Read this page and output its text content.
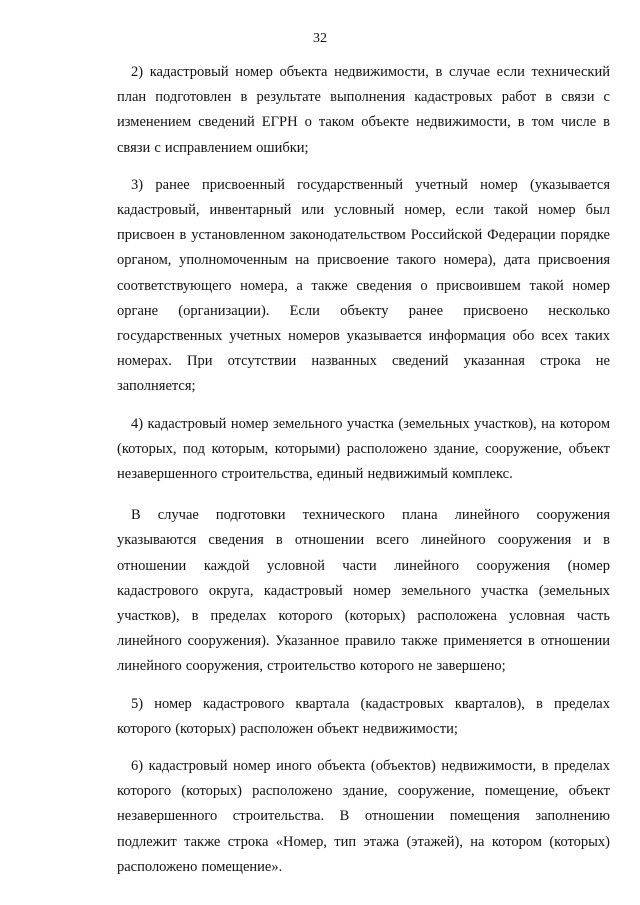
32

2) кадастровый номер объекта недвижимости, в случае если технический план подготовлен в результате выполнения кадастровых работ в связи с изменением сведений ЕГРН о таком объекте недвижимости, в том числе в связи с исправлением ошибки;

3) ранее присвоенный государственный учетный номер (указывается кадастровый, инвентарный или условный номер, если такой номер был присвоен в установленном законодательством Российской Федерации порядке органом, уполномоченным на присвоение такого номера), дата присвоения соответствующего номера, а также сведения о присвоившем такой номер органе (организации). Если объекту ранее присвоено несколько государственных учетных номеров указывается информация обо всех таких номерах. При отсутствии названных сведений указанная строка не заполняется;

4) кадастровый номер земельного участка (земельных участков), на котором (которых, под которым, которыми) расположено здание, сооружение, объект незавершенного строительства, единый недвижимый комплекс.

В случае подготовки технического плана линейного сооружения указываются сведения в отношении всего линейного сооружения и в отношении каждой условной части линейного сооружения (номер кадастрового округа, кадастровый номер земельного участка (земельных участков), в пределах которого (которых) расположена условная часть линейного сооружения). Указанное правило также применяется в отношении линейного сооружения, строительство которого не завершено;

5) номер кадастрового квартала (кадастровых кварталов), в пределах которого (которых) расположен объект недвижимости;

6) кадастровый номер иного объекта (объектов) недвижимости, в пределах которого (которых) расположено здание, сооружение, помещение, объект незавершенного строительства. В отношении помещения заполнению подлежит также строка «Номер, тип этажа (этажей), на котором (которых) расположено помещение».
